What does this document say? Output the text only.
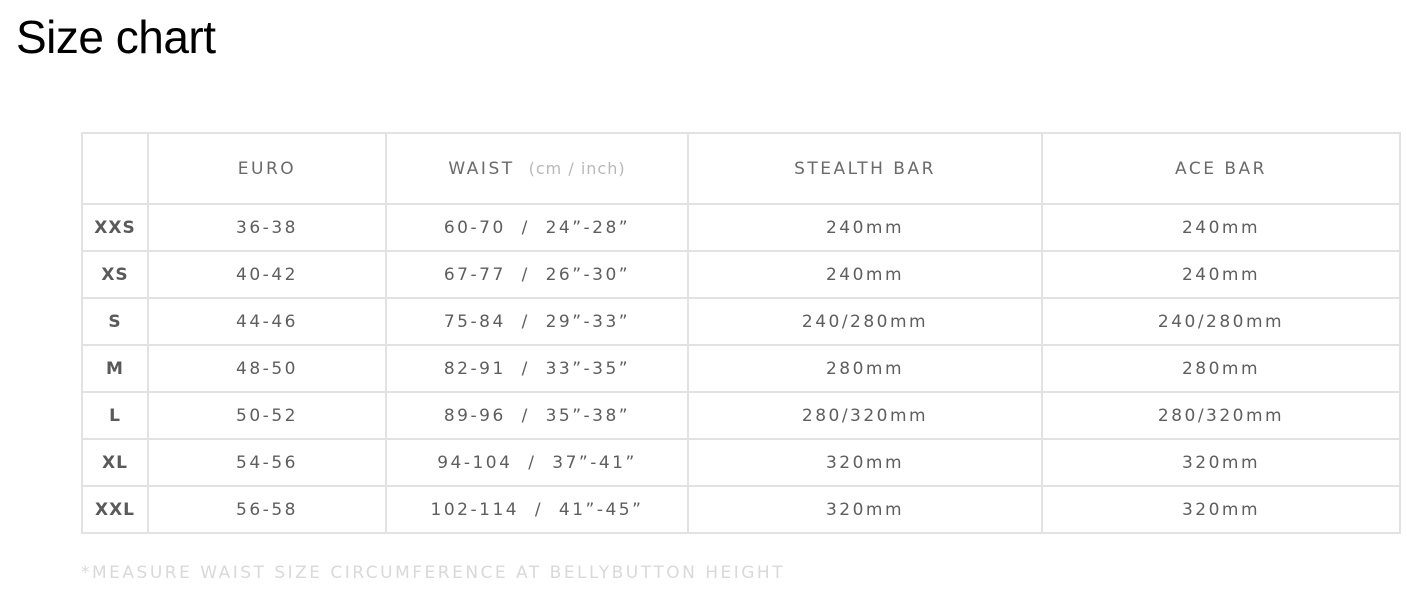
Size chart
	EURO	WAIST (cm / inch)	STEALTH BAR	ACE BAR
XXS	36-38	60-70  /  24”-28”	240mm	240mm
XS	40-42	67-77  /  26”-30”	240mm	240mm
S	44-46	75-84  /  29”-33”	240/280mm	240/280mm
M	48-50	82-91  /  33”-35”	280mm	280mm
L	50-52	89-96  /  35”-38”	280/320mm	280/320mm
XL	54-56	94-104  /  37”-41”	320mm	320mm
XXL	56-58	102-114  /  41”-45”	320mm	320mm
*MEASURE WAIST SIZE CIRCUMFERENCE AT BELLYBUTTON HEIGHT
